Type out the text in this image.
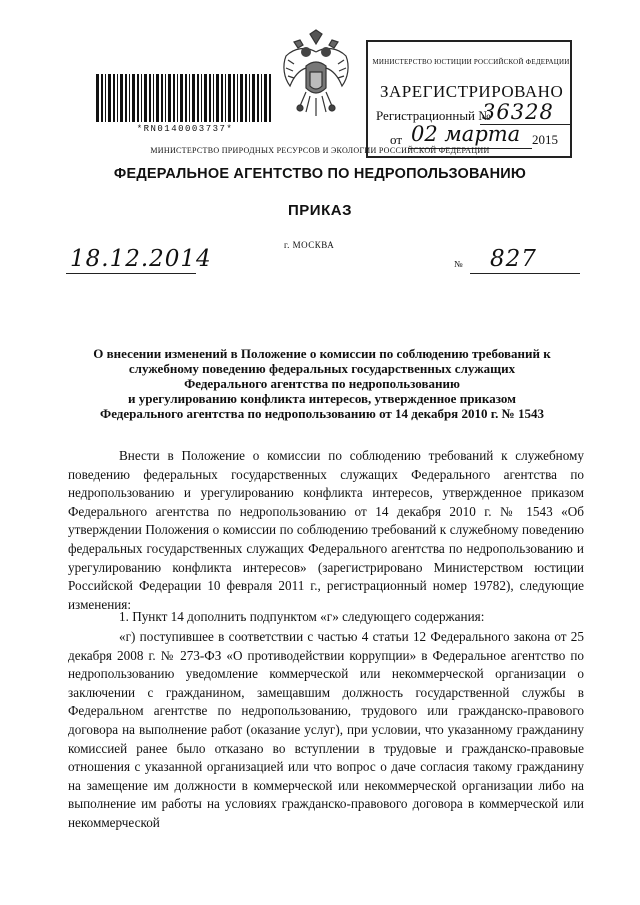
*RN0140003737*
МИНИСТЕРСТВО ЮСТИЦИИ РОССИЙСКОЙ ФЕДЕРАЦИИ
ЗАРЕГИСТРИРОВАНО
Регистрационный №
36328
от 02 марта 2015
МИНИСТЕРСТВО ПРИРОДНЫХ РЕСУРСОВ И ЭКОЛОГИИ РОССИЙСКОЙ ФЕДЕРАЦИИ
ФЕДЕРАЛЬНОЕ АГЕНТСТВО ПО НЕДРОПОЛЬЗОВАНИЮ
ПРИКАЗ
г. МОСКВА
18.12.2014	№ 827
О внесении изменений в Положение о комиссии по соблюдению требований к
служебному поведению федеральных государственных служащих
Федерального агентства по недропользованию
и урегулированию конфликта интересов, утвержденное приказом
Федерального агентства по недропользованию от 14 декабря 2010 г. № 1543
Внести в Положение о комиссии по соблюдению требований к служебному поведению федеральных государственных служащих Федерального агентства по недропользованию и урегулированию конфликта интересов, утвержденное приказом Федерального агентства по недропользованию от 14 декабря 2010 г. № 1543 «Об утверждении Положения о комиссии по соблюдению требований к служебному поведению федеральных государственных служащих Федерального агентства по недропользованию и урегулированию конфликта интересов» (зарегистрировано Министерством юстиции Российской Федерации 10 февраля 2011 г., регистрационный номер 19782), следующие изменения:
1. Пункт 14 дополнить подпунктом «г» следующего содержания:
«г) поступившее в соответствии с частью 4 статьи 12 Федерального закона от 25 декабря 2008 г. № 273-ФЗ «О противодействии коррупции» в Федеральное агентство по недропользованию уведомление коммерческой или некоммерческой организации о заключении с гражданином, замещавшим должность государственной службы в Федеральном агентстве по недропользованию, трудового или гражданско-правового договора на выполнение работ (оказание услуг), при условии, что указанному гражданину комиссией ранее было отказано во вступлении в трудовые и гражданско-правовые отношения с указанной организацией или что вопрос о даче согласия такому гражданину на замещение им должности в коммерческой или некоммерческой организации либо на выполнение им работы на условиях гражданско-правового договора в коммерческой или некоммерческой
